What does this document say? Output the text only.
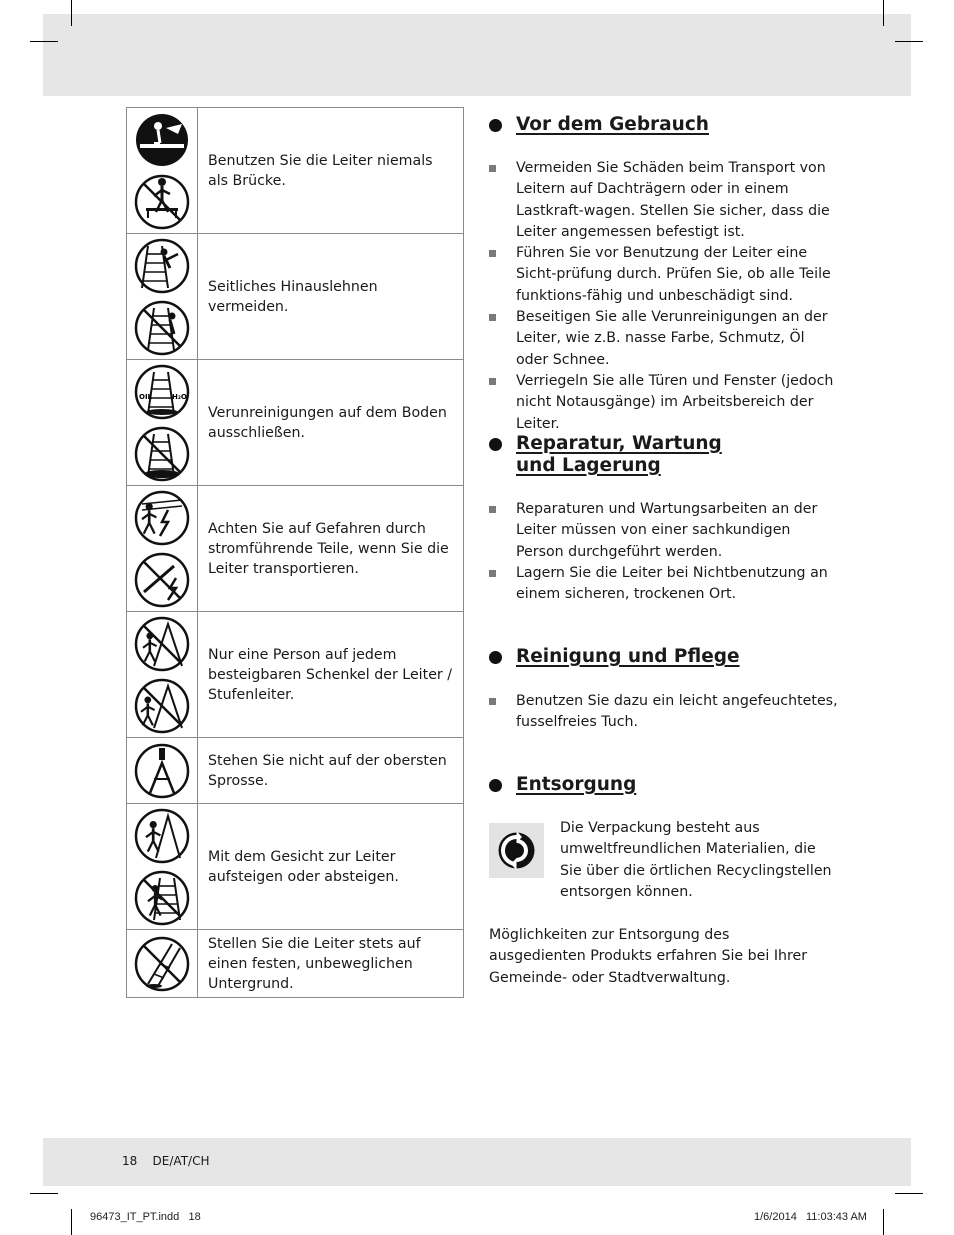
	Benutzen Sie die Leiter niemals als Brücke.

	Seitliches Hinauslehnen vermeiden.

OIL H₂O	Verunreinigungen auf dem Boden ausschließen.

	Achten Sie auf Gefahren durch stromführende Teile, wenn Sie die Leiter transportieren.

	Nur eine Person auf jedem besteigbaren Schenkel der Leiter / Stufenleiter.

	Stehen Sie nicht auf der obersten Sprosse.

	Mit dem Gesicht zur Leiter aufsteigen oder absteigen.

	Stellen Sie die Leiter stets auf einen festen, unbeweglichen Untergrund.
Vor dem Gebrauch
Vermeiden Sie Schäden beim Transport von Leitern auf Dachträgern oder in einem Lastkraft-wagen. Stellen Sie sicher, dass die Leiter angemessen befestigt ist.
Führen Sie vor Benutzung der Leiter eine Sicht-prüfung durch. Prüfen Sie, ob alle Teile funktions-fähig und unbeschädigt sind.
Beseitigen Sie alle Verunreinigungen an der Leiter, wie z.B. nasse Farbe, Schmutz, Öl oder Schnee.
Verriegeln Sie alle Türen und Fenster (jedoch nicht Notausgänge) im Arbeitsbereich der Leiter.
Reparatur, Wartung
und Lagerung
Reparaturen und Wartungsarbeiten an der Leiter müssen von einer sachkundigen Person durchgeführt werden.
Lagern Sie die Leiter bei Nichtbenutzung an einem sicheren, trockenen Ort.
Reinigung und Pflege
Benutzen Sie dazu ein leicht angefeuchtetes, fusselfreies Tuch.
Entsorgung

Die Verpackung besteht aus umweltfreundlichen Materialien, die Sie über die örtlichen Recyclingstellen entsorgen können.

Möglichkeiten zur Entsorgung des ausgedienten Produkts erfahren Sie bei Ihrer Gemeinde- oder Stadtverwaltung.

18 DE/AT/CH
96473_IT_PT.indd 18	1/6/2014 11:03:43 AM
